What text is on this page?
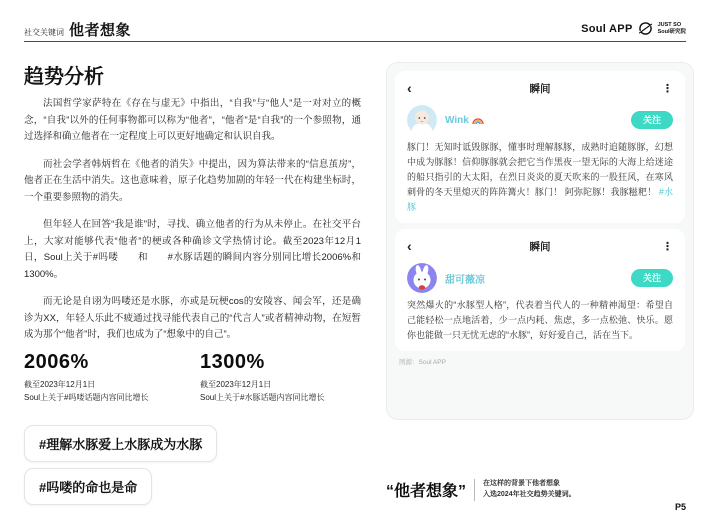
社交关键词 他者想象	Soul APP	JUST SO
Soul研究院
趋势分析

法国哲学家萨特在《存在与虚无》中指出，“自我”与“他人”是一对对立的概念，“自我”以外的任何事物都可以称为“他者”，“他者”是“自我”的一个参照物，通过选择和确立他者在一定程度上可以更好地确定和认识自我。

而社会学者韩炳哲在《他者的消失》中提出，因为算法带来的“信息茧房”，他者正在生活中消失。这也意味着，原子化趋势加剧的年轻一代在构建坐标时，一个重要参照物的消失。

但年轻人在回答“我是谁”时，寻找、确立他者的行为从未停止。在社交平台上，大家对能够代表“他者”的梗或各种确诊文学热情讨论。截至2023年12月1日，Soul上关于#吗喽　　和　　#水豚话题的瞬间内容分别同比增长2006%和1300%。

而无论是自诩为吗喽还是水豚，亦或是玩梗cos的安陵容、闻会军，还是确诊为XX，年轻人乐此不疲通过找寻能代表自己的“代言人”或者精神动物，在短暂成为那个“他者”时，我们也成为了“想象中的自己”。

2006%
截至2023年12月1日
Soul上关于#吗喽话题内容同比增长
1300%
截至2023年12月1日
Soul上关于#水豚话题内容同比增长
#理解水豚爱上水豚成为水豚
#吗喽的命也是命
‹	瞬间	⋮
Wink	关注

豚门！无知时诋毁豚豚，懂事时理解豚豚，成熟时追随豚豚，幻想中成为豚豚！信仰豚豚就会把它当作黑夜一望无际的大海上给迷途的船只指引的大太阳，在烈日炎炎的夏天吹来的一股狂风，在寒风刺骨的冬天里熄灭的阵阵篝火！豚门！ 阿弥陀豚！我豚糍粑！ #水豚

‹	瞬间	⋮
甜可薇凉	关注

突然爆火的“水豚型人格”，代表着当代人的一种精神渴望：希望自己能轻松一点地活着，少一点内耗、焦虑，多一点松弛、快乐。愿你也能做一只无忧无虑的“水豚”，好好爱自己，活在当下。

图源：Soul APP
“他者想象” 在这样的背景下他者想象
入选2024年社交趋势关键词。
P5
